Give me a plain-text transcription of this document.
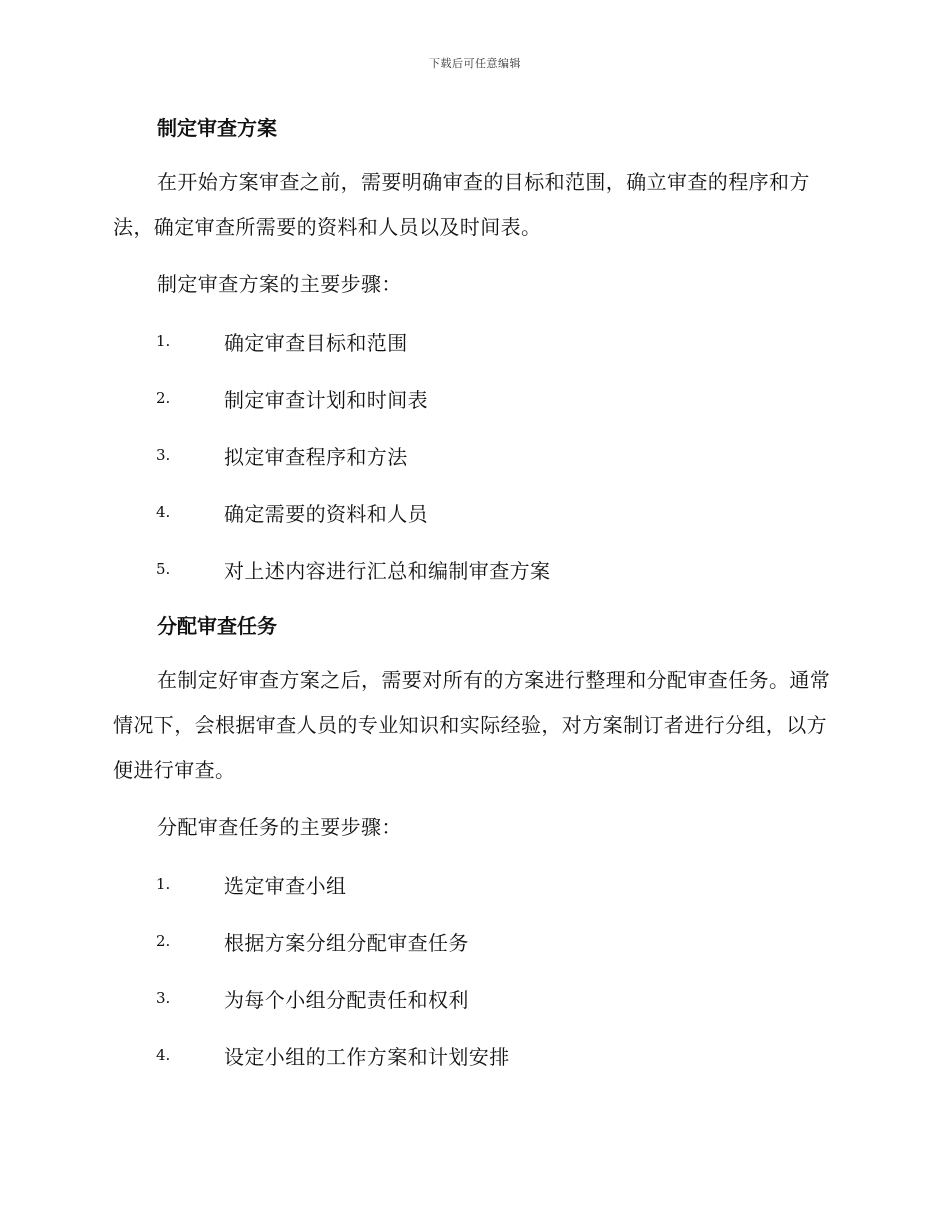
下载后可任意编辑
制定审查方案

在开始方案审查之前，需要明确审查的目标和范围，确立审查的程序和方法，确定审查所需要的资料和人员以及时间表。

制定审查方案的主要步骤：

1.	确定审查目标和范围
2.	制定审查计划和时间表
3.	拟定审查程序和方法
4.	确定需要的资料和人员
5.	对上述内容进行汇总和编制审查方案
分配审查任务

在制定好审查方案之后，需要对所有的方案进行整理和分配审查任务。通常情况下，会根据审查人员的专业知识和实际经验，对方案制订者进行分组，以方便进行审查。

分配审查任务的主要步骤：

1.	选定审查小组
2.	根据方案分组分配审查任务
3.	为每个小组分配责任和权利
4.	设定小组的工作方案和计划安排
